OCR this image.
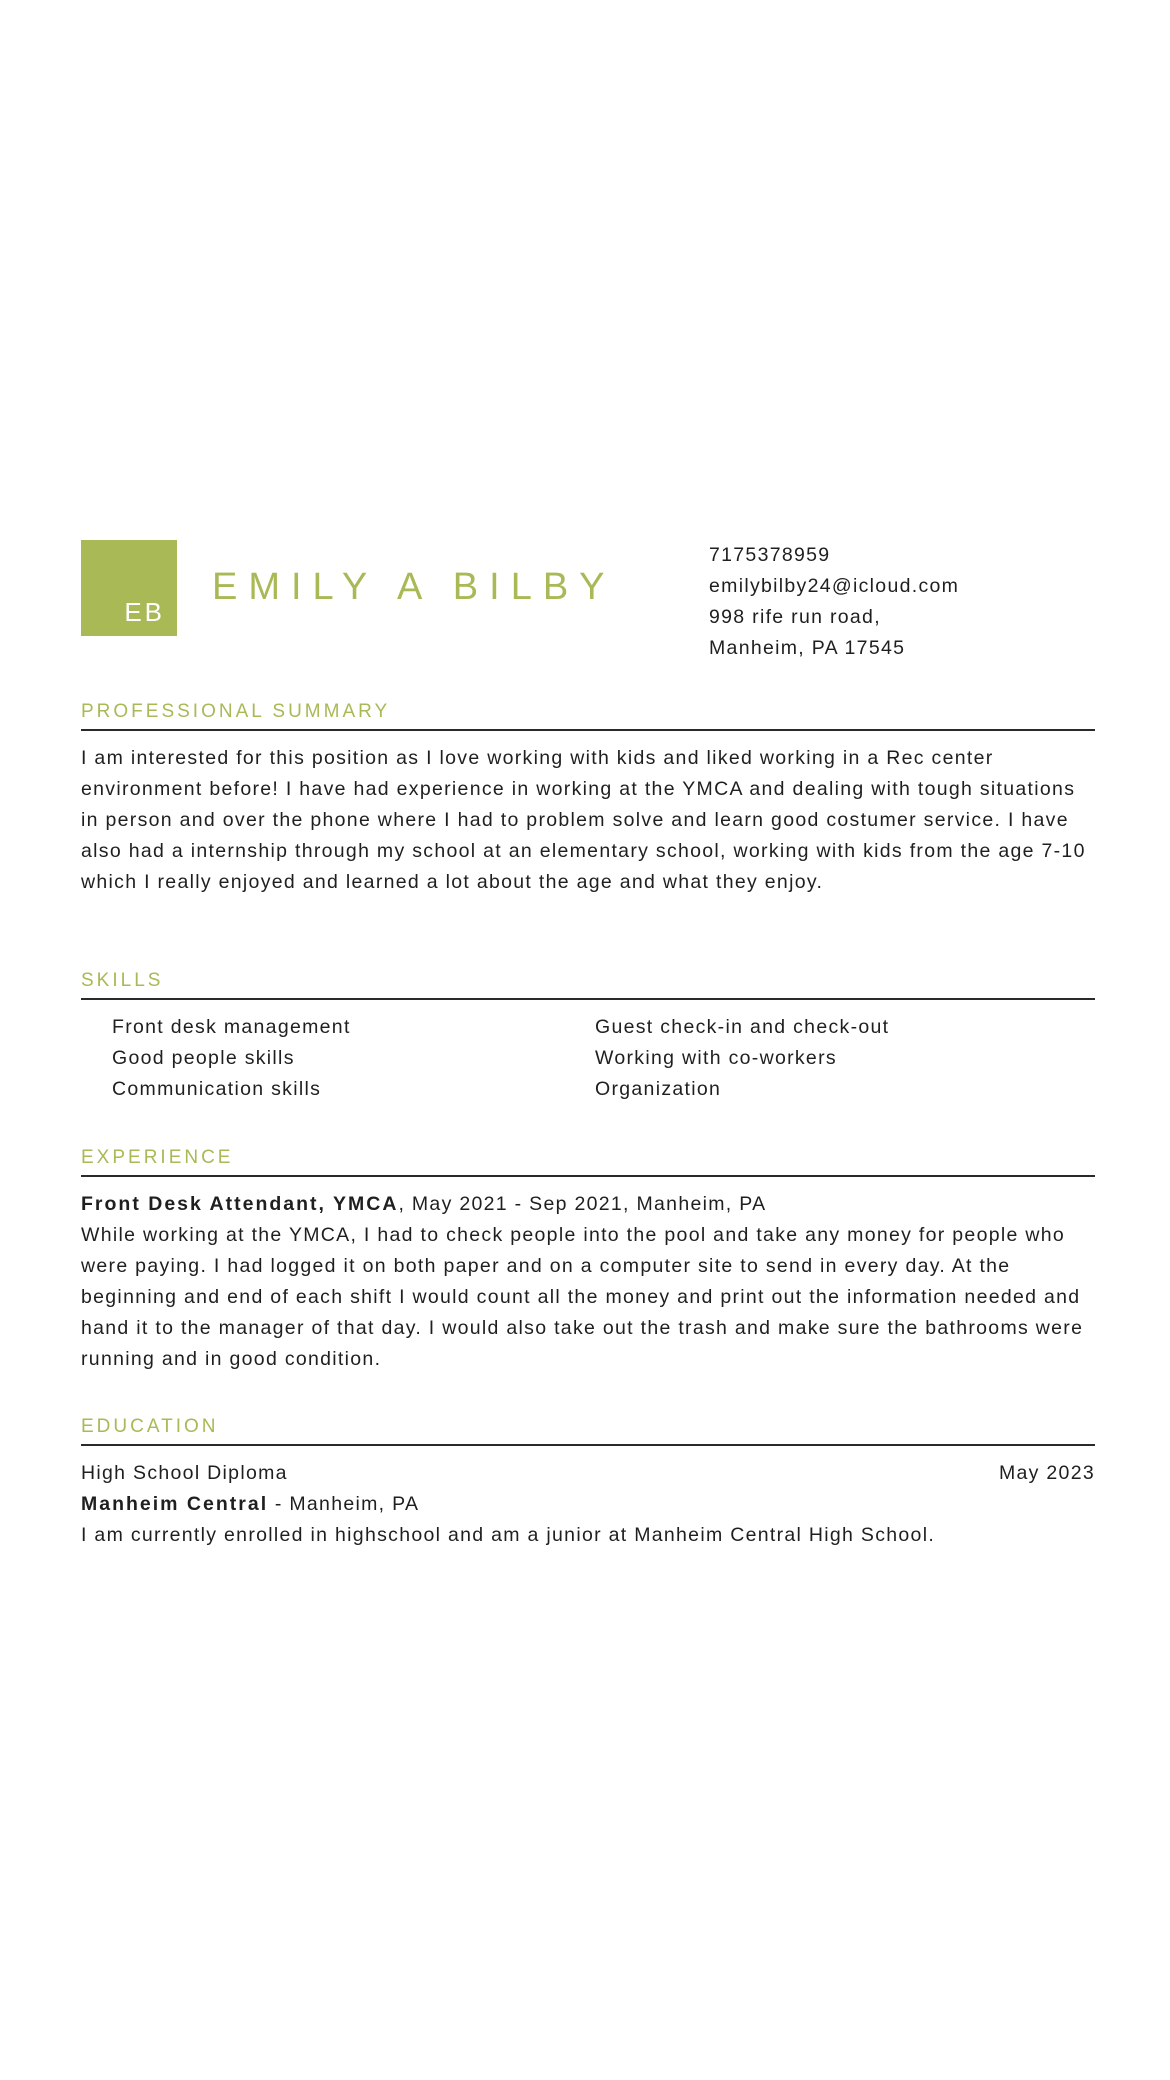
EB
EMILY A BILBY
7175378959
emilybilby24@icloud.com
998 rife run road,
Manheim, PA 17545
PROFESSIONAL SUMMARY
I am interested for this position as I love working with kids and liked working in a Rec center environment before! I have had experience in working at the YMCA and dealing with tough situations in person and over the phone where I had to problem solve and learn good costumer service. I have also had a internship through my school at an elementary school, working with kids from the age 7-10 which I really enjoyed and learned a lot about the age and what they enjoy.
SKILLS
Front desk management
Good people skills
Communication skills
Guest check-in and check-out
Working with co-workers
Organization
EXPERIENCE
Front Desk Attendant, YMCA, May 2021 - Sep 2021, Manheim, PA
While working at the YMCA, I had to check people into the pool and take any money for people who were paying. I had logged it on both paper and on a computer site to send in every day. At the beginning and end of each shift I would count all the money and print out the information needed and hand it to the manager of that day. I would also take out the trash and make sure the bathrooms were running and in good condition.
EDUCATION
High School Diploma	May 2023
Manheim Central - Manheim, PA
I am currently enrolled in highschool and am a junior at Manheim Central High School.
